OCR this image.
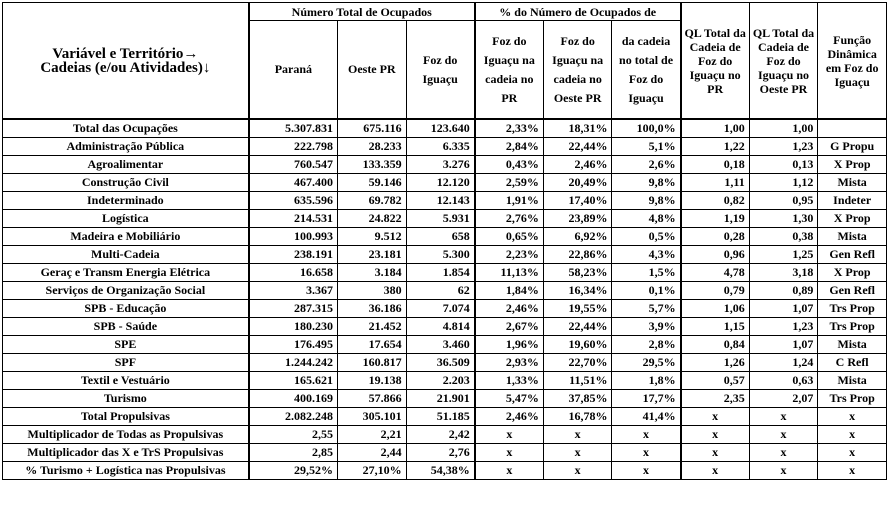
Variável e Território→
Cadeias (e/ou Atividades)↓	Número Total de Ocupados			% do Número de Ocupados de			QL Total da Cadeia de Foz do Iguaçu no PR	QL Total da Cadeia de Foz do Iguaçu no Oeste PR	Função Dinâmica em Foz do Iguaçu
	Paraná	Oeste PR	Foz do Iguaçu	Foz do Iguaçu na cadeia no PR	Foz do Iguaçu na cadeia no Oeste PR	da cadeia no total de Foz do Iguaçu			
Total das Ocupações	5.307.831	675.116	123.640	2,33%	18,31%	100,0%	1,00	1,00	
Administração Pública	222.798	28.233	6.335	2,84%	22,44%	5,1%	1,22	1,23	G Propu
Agroalimentar	760.547	133.359	3.276	0,43%	2,46%	2,6%	0,18	0,13	X Prop
Construção Civil	467.400	59.146	12.120	2,59%	20,49%	9,8%	1,11	1,12	Mista
Indeterminado	635.596	69.782	12.143	1,91%	17,40%	9,8%	0,82	0,95	Indeter
Logística	214.531	24.822	5.931	2,76%	23,89%	4,8%	1,19	1,30	X Prop
Madeira e Mobiliário	100.993	9.512	658	0,65%	6,92%	0,5%	0,28	0,38	Mista
Multi-Cadeia	238.191	23.181	5.300	2,23%	22,86%	4,3%	0,96	1,25	Gen Refl
Geraç e Transm Energia Elétrica	16.658	3.184	1.854	11,13%	58,23%	1,5%	4,78	3,18	X Prop
Serviços de Organização Social	3.367	380	62	1,84%	16,34%	0,1%	0,79	0,89	Gen Refl
SPB - Educação	287.315	36.186	7.074	2,46%	19,55%	5,7%	1,06	1,07	Trs Prop
SPB - Saúde	180.230	21.452	4.814	2,67%	22,44%	3,9%	1,15	1,23	Trs Prop
SPE	176.495	17.654	3.460	1,96%	19,60%	2,8%	0,84	1,07	Mista
SPF	1.244.242	160.817	36.509	2,93%	22,70%	29,5%	1,26	1,24	C Refl
Textil e Vestuário	165.621	19.138	2.203	1,33%	11,51%	1,8%	0,57	0,63	Mista
Turismo	400.169	57.866	21.901	5,47%	37,85%	17,7%	2,35	2,07	Trs Prop
Total Propulsivas	2.082.248	305.101	51.185	2,46%	16,78%	41,4%	x	x	x
Multiplicador de Todas as Propulsivas	2,55	2,21	2,42	x	x	x	x	x	x
Multiplicador das X e TrS Propulsivas	2,85	2,44	2,76	x	x	x	x	x	x
% Turismo + Logística nas Propulsivas	29,52%	27,10%	54,38%	x	x	x	x	x	x
